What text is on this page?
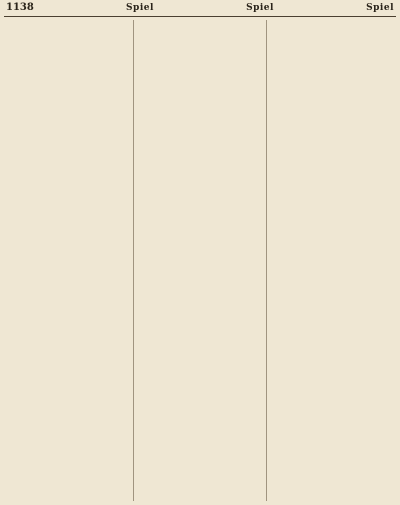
1138	Spiel	Spiel	Spiel
